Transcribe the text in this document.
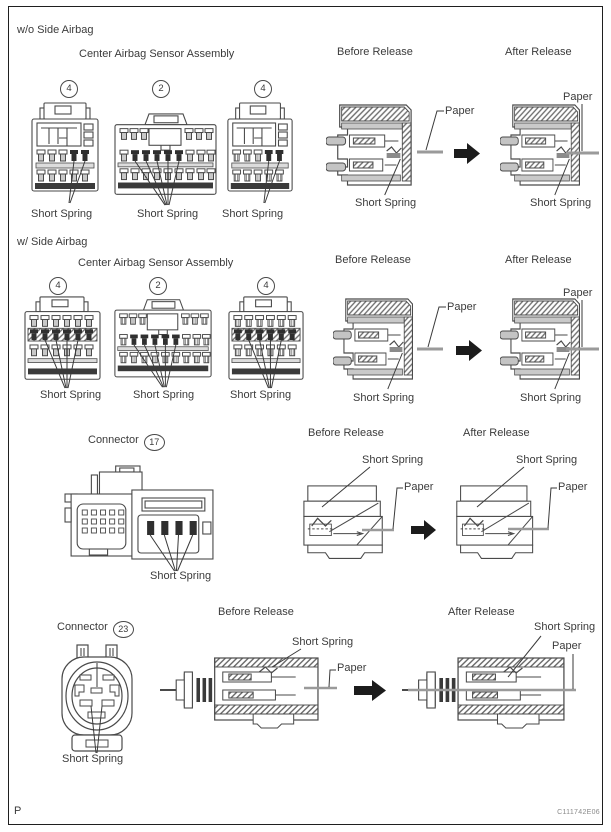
w/o Side Airbag
Center Airbag Sensor Assembly	Before Release	After Release
4	2	4
Short Spring	Short Spring Short Spring
Paper
Short Spring
Paper
Short Spring
w/ Side Airbag
Center Airbag Sensor Assembly	Before Release	After Release
4	2	4
Short Spring	Short Spring	Short Spring
Paper
Short Spring
Paper
Short Spring
Connector 17
Before Release	After Release
Short Spring
Paper
Short Spring
Paper
Short Spring
Before Release	After Release
Connector 23
Short Spring
Paper
Short Spring
Paper
Short Spring
P	C111742E06
